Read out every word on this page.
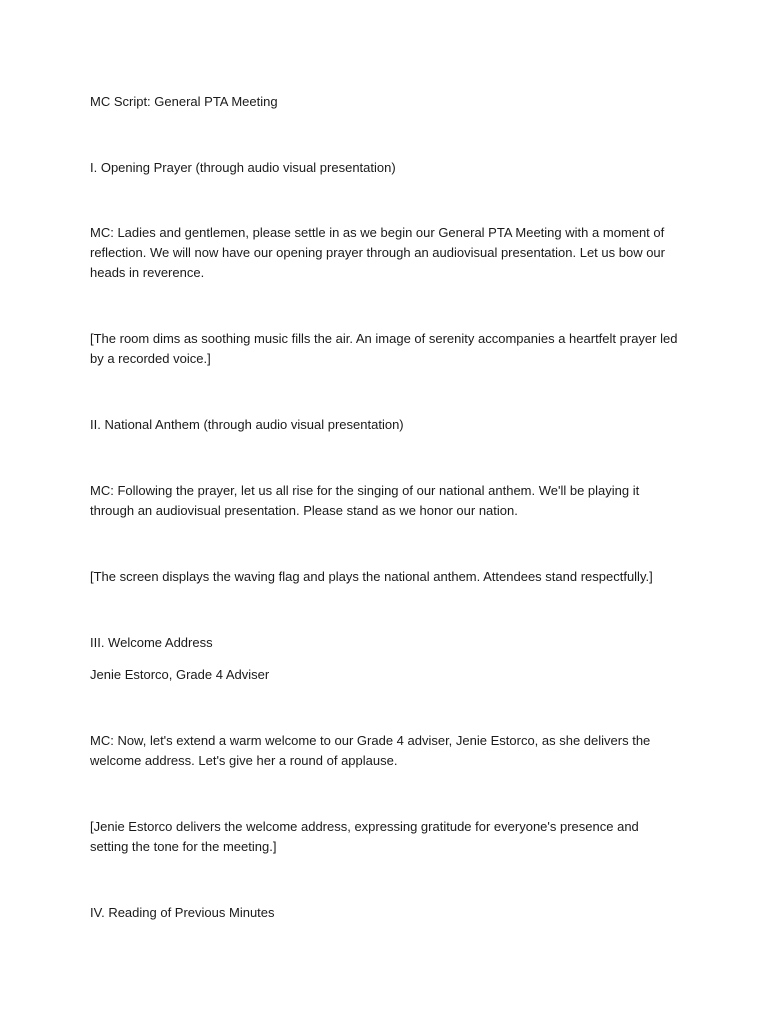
MC Script: General PTA Meeting

I. Opening Prayer (through audio visual presentation)

MC: Ladies and gentlemen, please settle in as we begin our General PTA Meeting with a moment of reflection. We will now have our opening prayer through an audiovisual presentation. Let us bow our heads in reverence.

[The room dims as soothing music fills the air. An image of serenity accompanies a heartfelt prayer led by a recorded voice.]

II. National Anthem (through audio visual presentation)

MC: Following the prayer, let us all rise for the singing of our national anthem. We'll be playing it through an audiovisual presentation. Please stand as we honor our nation.

[The screen displays the waving flag and plays the national anthem. Attendees stand respectfully.]

III. Welcome Address

Jenie Estorco, Grade 4 Adviser

MC: Now, let's extend a warm welcome to our Grade 4 adviser, Jenie Estorco, as she delivers the welcome address. Let's give her a round of applause.

[Jenie Estorco delivers the welcome address, expressing gratitude for everyone's presence and setting the tone for the meeting.]

IV. Reading of Previous Minutes
